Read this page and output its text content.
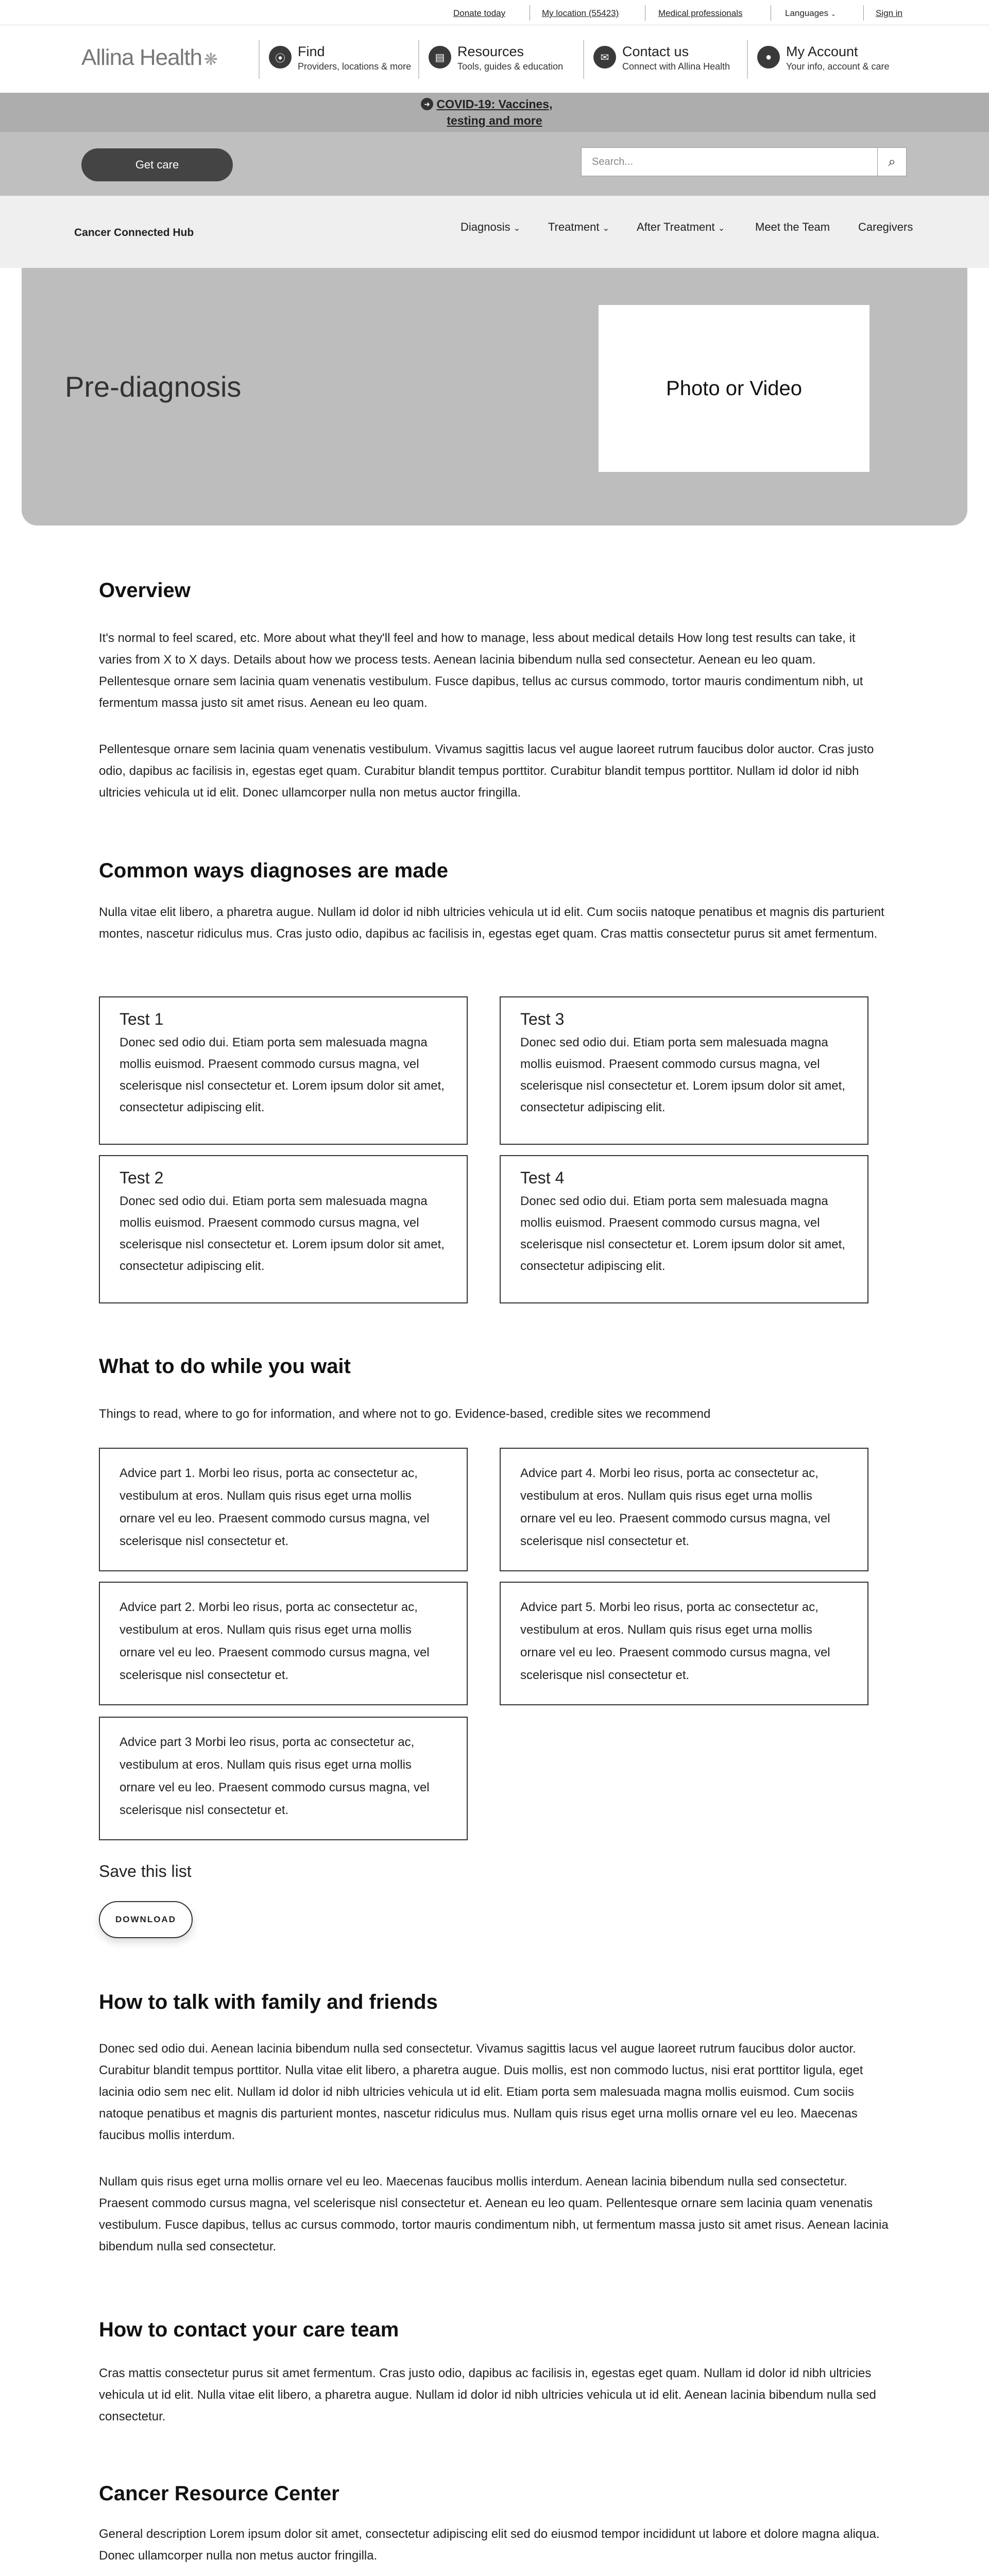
Donate today	My location (55423)	Medical professionals	Languages ⌄	Sign in
Allina Health ❋	⦿ Find
Providers, locations & more
▤ Resources
Tools, guides & education
✉ Contact us
Connect with Allina Health
●	My Account
Your info, account & care
➜ COVID-19: Vaccines,
testing and more
Get care	Search...	⌕
Cancer Connected Hub	Diagnosis ⌄ Treatment ⌄ After Treatment ⌄	Meet the Team Caregivers
Pre-diagnosis	Photo or Video
Overview
It's normal to feel scared, etc. More about what they'll feel and how to manage, less about medical details How long test results can take, it varies from X to X days. Details about how we process tests. Aenean lacinia bibendum nulla sed consectetur. Aenean eu leo quam. Pellentesque ornare sem lacinia quam venenatis vestibulum. Fusce dapibus, tellus ac cursus commodo, tortor mauris condimentum nibh, ut fermentum massa justo sit amet risus. Aenean eu leo quam.
Pellentesque ornare sem lacinia quam venenatis vestibulum. Vivamus sagittis lacus vel augue laoreet rutrum faucibus dolor auctor. Cras justo odio, dapibus ac facilisis in, egestas eget quam. Curabitur blandit tempus porttitor. Curabitur blandit tempus porttitor. Nullam id dolor id nibh ultricies vehicula ut id elit. Donec ullamcorper nulla non metus auctor fringilla.
Common ways diagnoses are made
Nulla vitae elit libero, a pharetra augue. Nullam id dolor id nibh ultricies vehicula ut id elit. Cum sociis natoque penatibus et magnis dis parturient montes, nascetur ridiculus mus. Cras justo odio, dapibus ac facilisis in, egestas eget quam. Cras mattis consectetur purus sit amet fermentum.
Test 1
Donec sed odio dui. Etiam porta sem malesuada magna mollis euismod. Praesent commodo cursus magna, vel scelerisque nisl consectetur et. Lorem ipsum dolor sit amet, consectetur adipiscing elit.
Test 3
Donec sed odio dui. Etiam porta sem malesuada magna mollis euismod. Praesent commodo cursus magna, vel scelerisque nisl consectetur et. Lorem ipsum dolor sit amet, consectetur adipiscing elit.
Test 2
Donec sed odio dui. Etiam porta sem malesuada magna mollis euismod. Praesent commodo cursus magna, vel scelerisque nisl consectetur et. Lorem ipsum dolor sit amet, consectetur adipiscing elit.
Test 4
Donec sed odio dui. Etiam porta sem malesuada magna mollis euismod. Praesent commodo cursus magna, vel scelerisque nisl consectetur et. Lorem ipsum dolor sit amet, consectetur adipiscing elit.
What to do while you wait
Things to read, where to go for information, and where not to go. Evidence-based, credible sites we recommend
Advice part 1. Morbi leo risus, porta ac consectetur ac, vestibulum at eros. Nullam quis risus eget urna mollis ornare vel eu leo. Praesent commodo cursus magna, vel scelerisque nisl consectetur et.
Advice part 4. Morbi leo risus, porta ac consectetur ac, vestibulum at eros. Nullam quis risus eget urna mollis ornare vel eu leo. Praesent commodo cursus magna, vel scelerisque nisl consectetur et.
Advice part 2. Morbi leo risus, porta ac consectetur ac, vestibulum at eros. Nullam quis risus eget urna mollis ornare vel eu leo. Praesent commodo cursus magna, vel scelerisque nisl consectetur et.
Advice part 5. Morbi leo risus, porta ac consectetur ac, vestibulum at eros. Nullam quis risus eget urna mollis ornare vel eu leo. Praesent commodo cursus magna, vel scelerisque nisl consectetur et.
Advice part 3 Morbi leo risus, porta ac consectetur ac, vestibulum at eros. Nullam quis risus eget urna mollis ornare vel eu leo. Praesent commodo cursus magna, vel scelerisque nisl consectetur et.
Save this list
DOWNLOAD
How to talk with family and friends
Donec sed odio dui. Aenean lacinia bibendum nulla sed consectetur. Vivamus sagittis lacus vel augue laoreet rutrum faucibus dolor auctor. Curabitur blandit tempus porttitor. Nulla vitae elit libero, a pharetra augue. Duis mollis, est non commodo luctus, nisi erat porttitor ligula, eget lacinia odio sem nec elit. Nullam id dolor id nibh ultricies vehicula ut id elit. Etiam porta sem malesuada magna mollis euismod. Cum sociis natoque penatibus et magnis dis parturient montes, nascetur ridiculus mus. Nullam quis risus eget urna mollis ornare vel eu leo. Maecenas faucibus mollis interdum.
Nullam quis risus eget urna mollis ornare vel eu leo. Maecenas faucibus mollis interdum. Aenean lacinia bibendum nulla sed consectetur. Praesent commodo cursus magna, vel scelerisque nisl consectetur et. Aenean eu leo quam. Pellentesque ornare sem lacinia quam venenatis vestibulum. Fusce dapibus, tellus ac cursus commodo, tortor mauris condimentum nibh, ut fermentum massa justo sit amet risus. Aenean lacinia bibendum nulla sed consectetur.
How to contact your care team
Cras mattis consectetur purus sit amet fermentum. Cras justo odio, dapibus ac facilisis in, egestas eget quam. Nullam id dolor id nibh ultricies vehicula ut id elit. Nulla vitae elit libero, a pharetra augue. Nullam id dolor id nibh ultricies vehicula ut id elit. Aenean lacinia bibendum nulla sed consectetur.
Cancer Resource Center
General description Lorem ipsum dolor sit amet, consectetur adipiscing elit sed do eiusmod tempor incididunt ut labore et dolore magna aliqua. Donec ullamcorper nulla non metus auctor fringilla.
